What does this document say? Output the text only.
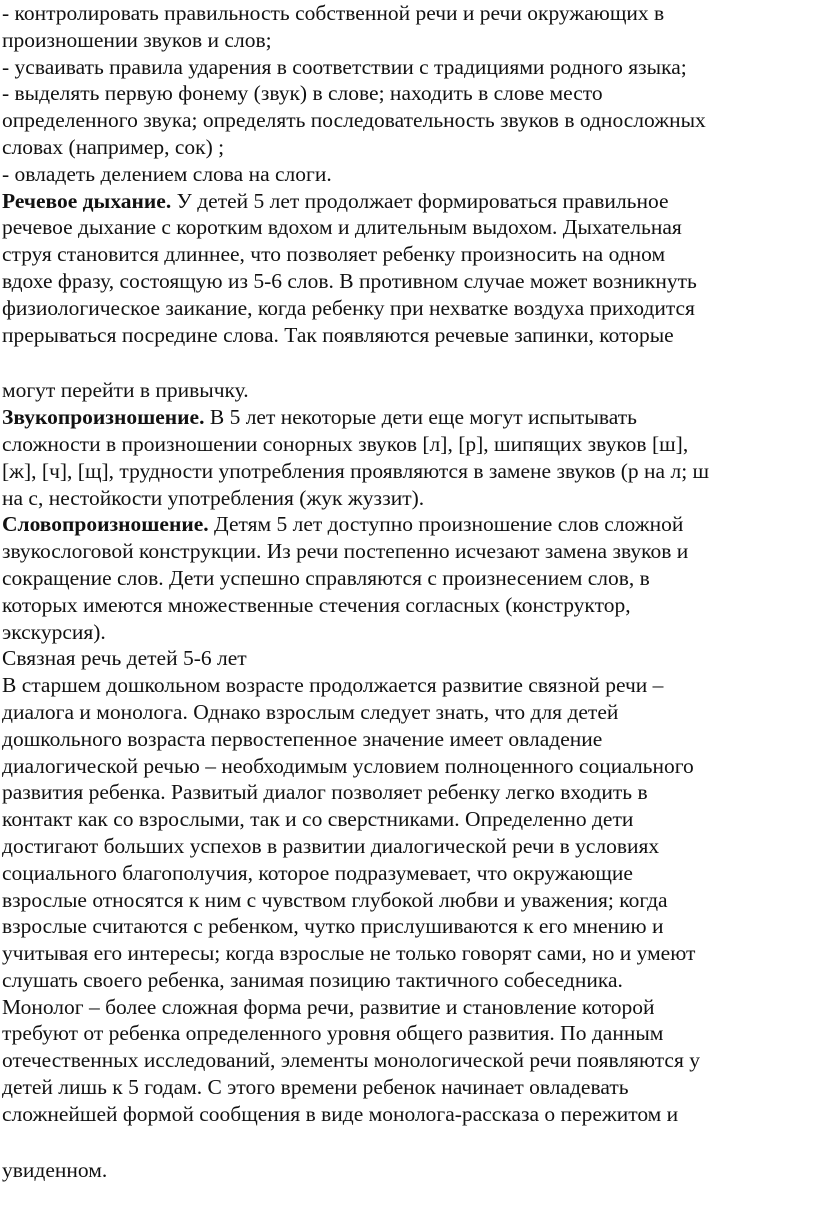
- контролировать правильность собственной речи и речи окружающих в
произношении звуков и слов;
- усваивать правила ударения в соответствии с традициями родного языка;
- выделять первую фонему (звук) в слове; находить в слове место
определенного звука; определять последовательность звуков в односложных
словах (например, сок) ;
- овладеть делением слова на слоги.
Речевое дыхание. У детей 5 лет продолжает формироваться правильное
речевое дыхание с коротким вдохом и длительным выдохом. Дыхательная
струя становится длиннее, что позволяет ребенку произносить на одном
вдохе фразу, состоящую из 5-6 слов. В противном случае может возникнуть
физиологическое заикание, когда ребенку при нехватке воздуха приходится
прерываться посредине слова. Так появляются речевые запинки, которые
могут перейти в привычку.
Звукопроизношение. В 5 лет некоторые дети еще могут испытывать
сложности в произношении сонорных звуков [л], [р], шипящих звуков [ш],
[ж], [ч], [щ], трудности употребления проявляются в замене звуков (р на л; ш
на с, нестойкости употребления (жук жуззит).
Словопроизношение. Детям 5 лет доступно произношение слов сложной
звукослоговой конструкции. Из речи постепенно исчезают замена звуков и
сокращение слов. Дети успешно справляются с произнесением слов, в
которых имеются множественные стечения согласных (конструктор,
экскурсия).
Связная речь детей 5-6 лет
В старшем дошкольном возрасте продолжается развитие связной речи –
диалога и монолога. Однако взрослым следует знать, что для детей
дошкольного возраста первостепенное значение имеет овладение
диалогической речью – необходимым условием полноценного социального
развития ребенка. Развитый диалог позволяет ребенку легко входить в
контакт как со взрослыми, так и со сверстниками. Определенно дети
достигают больших успехов в развитии диалогической речи в условиях
социального благополучия, которое подразумевает, что окружающие
взрослые относятся к ним с чувством глубокой любви и уважения; когда
взрослые считаются с ребенком, чутко прислушиваются к его мнению и
учитывая его интересы; когда взрослые не только говорят сами, но и умеют
слушать своего ребенка, занимая позицию тактичного собеседника.
Монолог – более сложная форма речи, развитие и становление которой
требуют от ребенка определенного уровня общего развития. По данным
отечественных исследований, элементы монологической речи появляются у
детей лишь к 5 годам. С этого времени ребенок начинает овладевать
сложнейшей формой сообщения в виде монолога-рассказа о пережитом и
увиденном.
